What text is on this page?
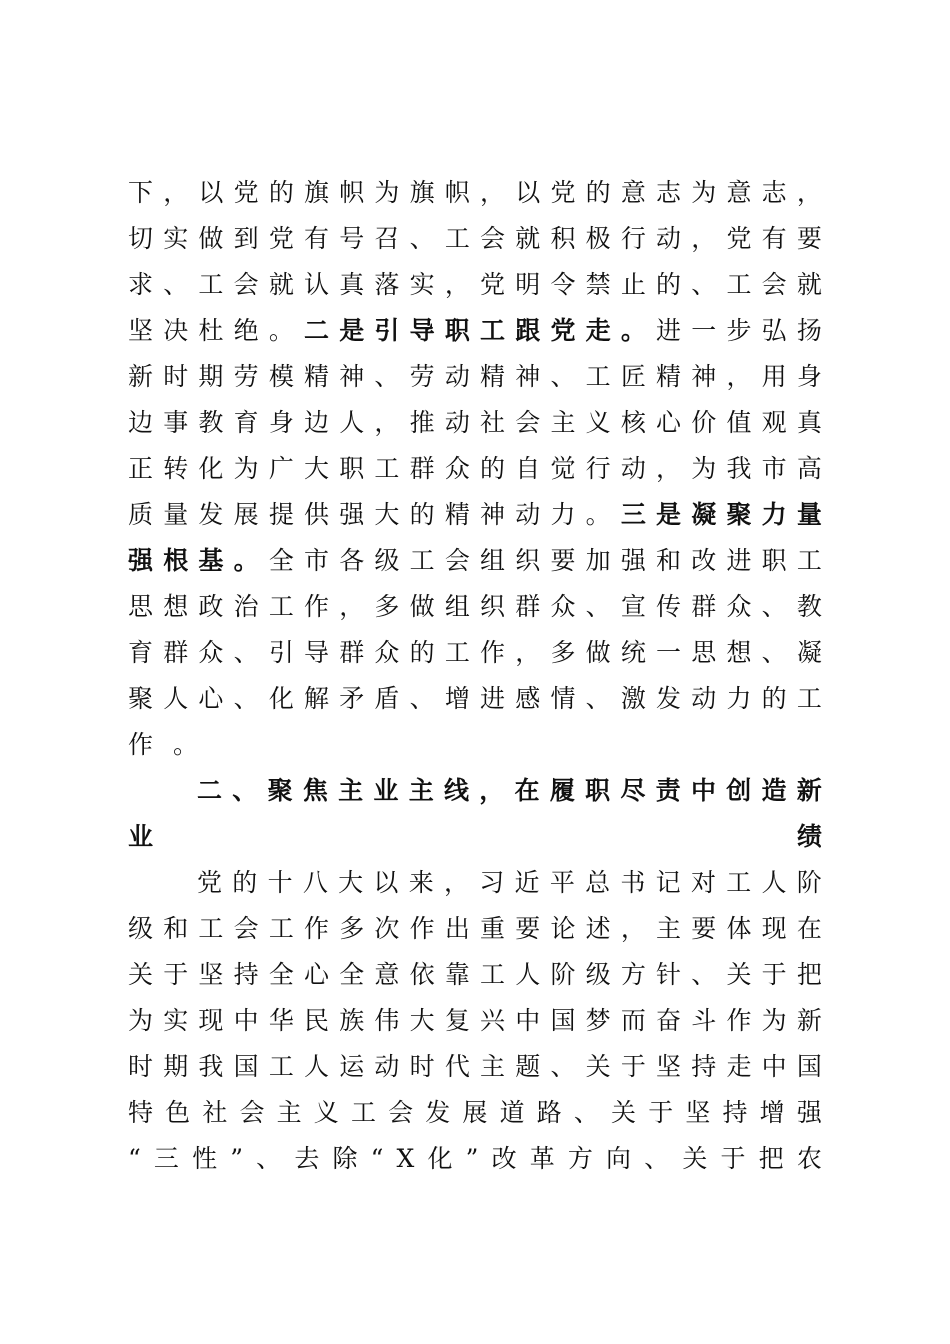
下 ， 以 党 的 旗 帜 为 旗 帜 ， 以 党 的 意 志 为 意 志 ，
切 实 做 到 党 有 号 召 、 工 会 就 积 极 行 动 ， 党 有 要
求 、 工 会 就 认 真 落 实 ， 党 明 令 禁 止 的 、 工 会 就
坚 决 杜 绝 。 二 是 引 导 职 工 跟 党 走 。 进 一 步 弘 扬
新 时 期 劳 模 精 神 、 劳 动 精 神 、 工 匠 精 神 ， 用 身
边 事 教 育 身 边 人 ， 推 动 社 会 主 义 核 心 价 值 观 真
正 转 化 为 广 大 职 工 群 众 的 自 觉 行 动 ， 为 我 市 高
质 量 发 展 提 供 强 大 的 精 神 动 力 。 三 是 凝 聚 力 量
强 根 基 。 全 市 各 级 工 会 组 织 要 加 强 和 改 进 职 工
思 想 政 治 工 作 ， 多 做 组 织 群 众 、 宣 传 群 众 、 教
育 群 众 、 引 导 群 众 的 工 作 ， 多 做 统 一 思 想 、 凝
聚 人 心 、 化 解 矛 盾 、 增 进 感 情 、 激 发 动 力 的 工
作 。
二 、 聚 焦 主 业 主 线 ， 在 履 职 尽 责 中 创 造 新
业	绩
党 的 十 八 大 以 来 ， 习 近 平 总 书 记 对 工 人 阶
级 和 工 会 工 作 多 次 作 出 重 要 论 述 ， 主 要 体 现 在
关 于 坚 持 全 心 全 意 依 靠 工 人 阶 级 方 针 、 关 于 把
为 实 现 中 华 民 族 伟 大 复 兴 中 国 梦 而 奋 斗 作 为 新
时 期 我 国 工 人 运 动 时 代 主 题 、 关 于 坚 持 走 中 国
特 色 社 会 主 义 工 会 发 展 道 路 、 关 于 坚 持 增 强
“ 三 性 ” 、 去 除 “ X 化 ” 改 革 方 向 、 关 于 把 农
